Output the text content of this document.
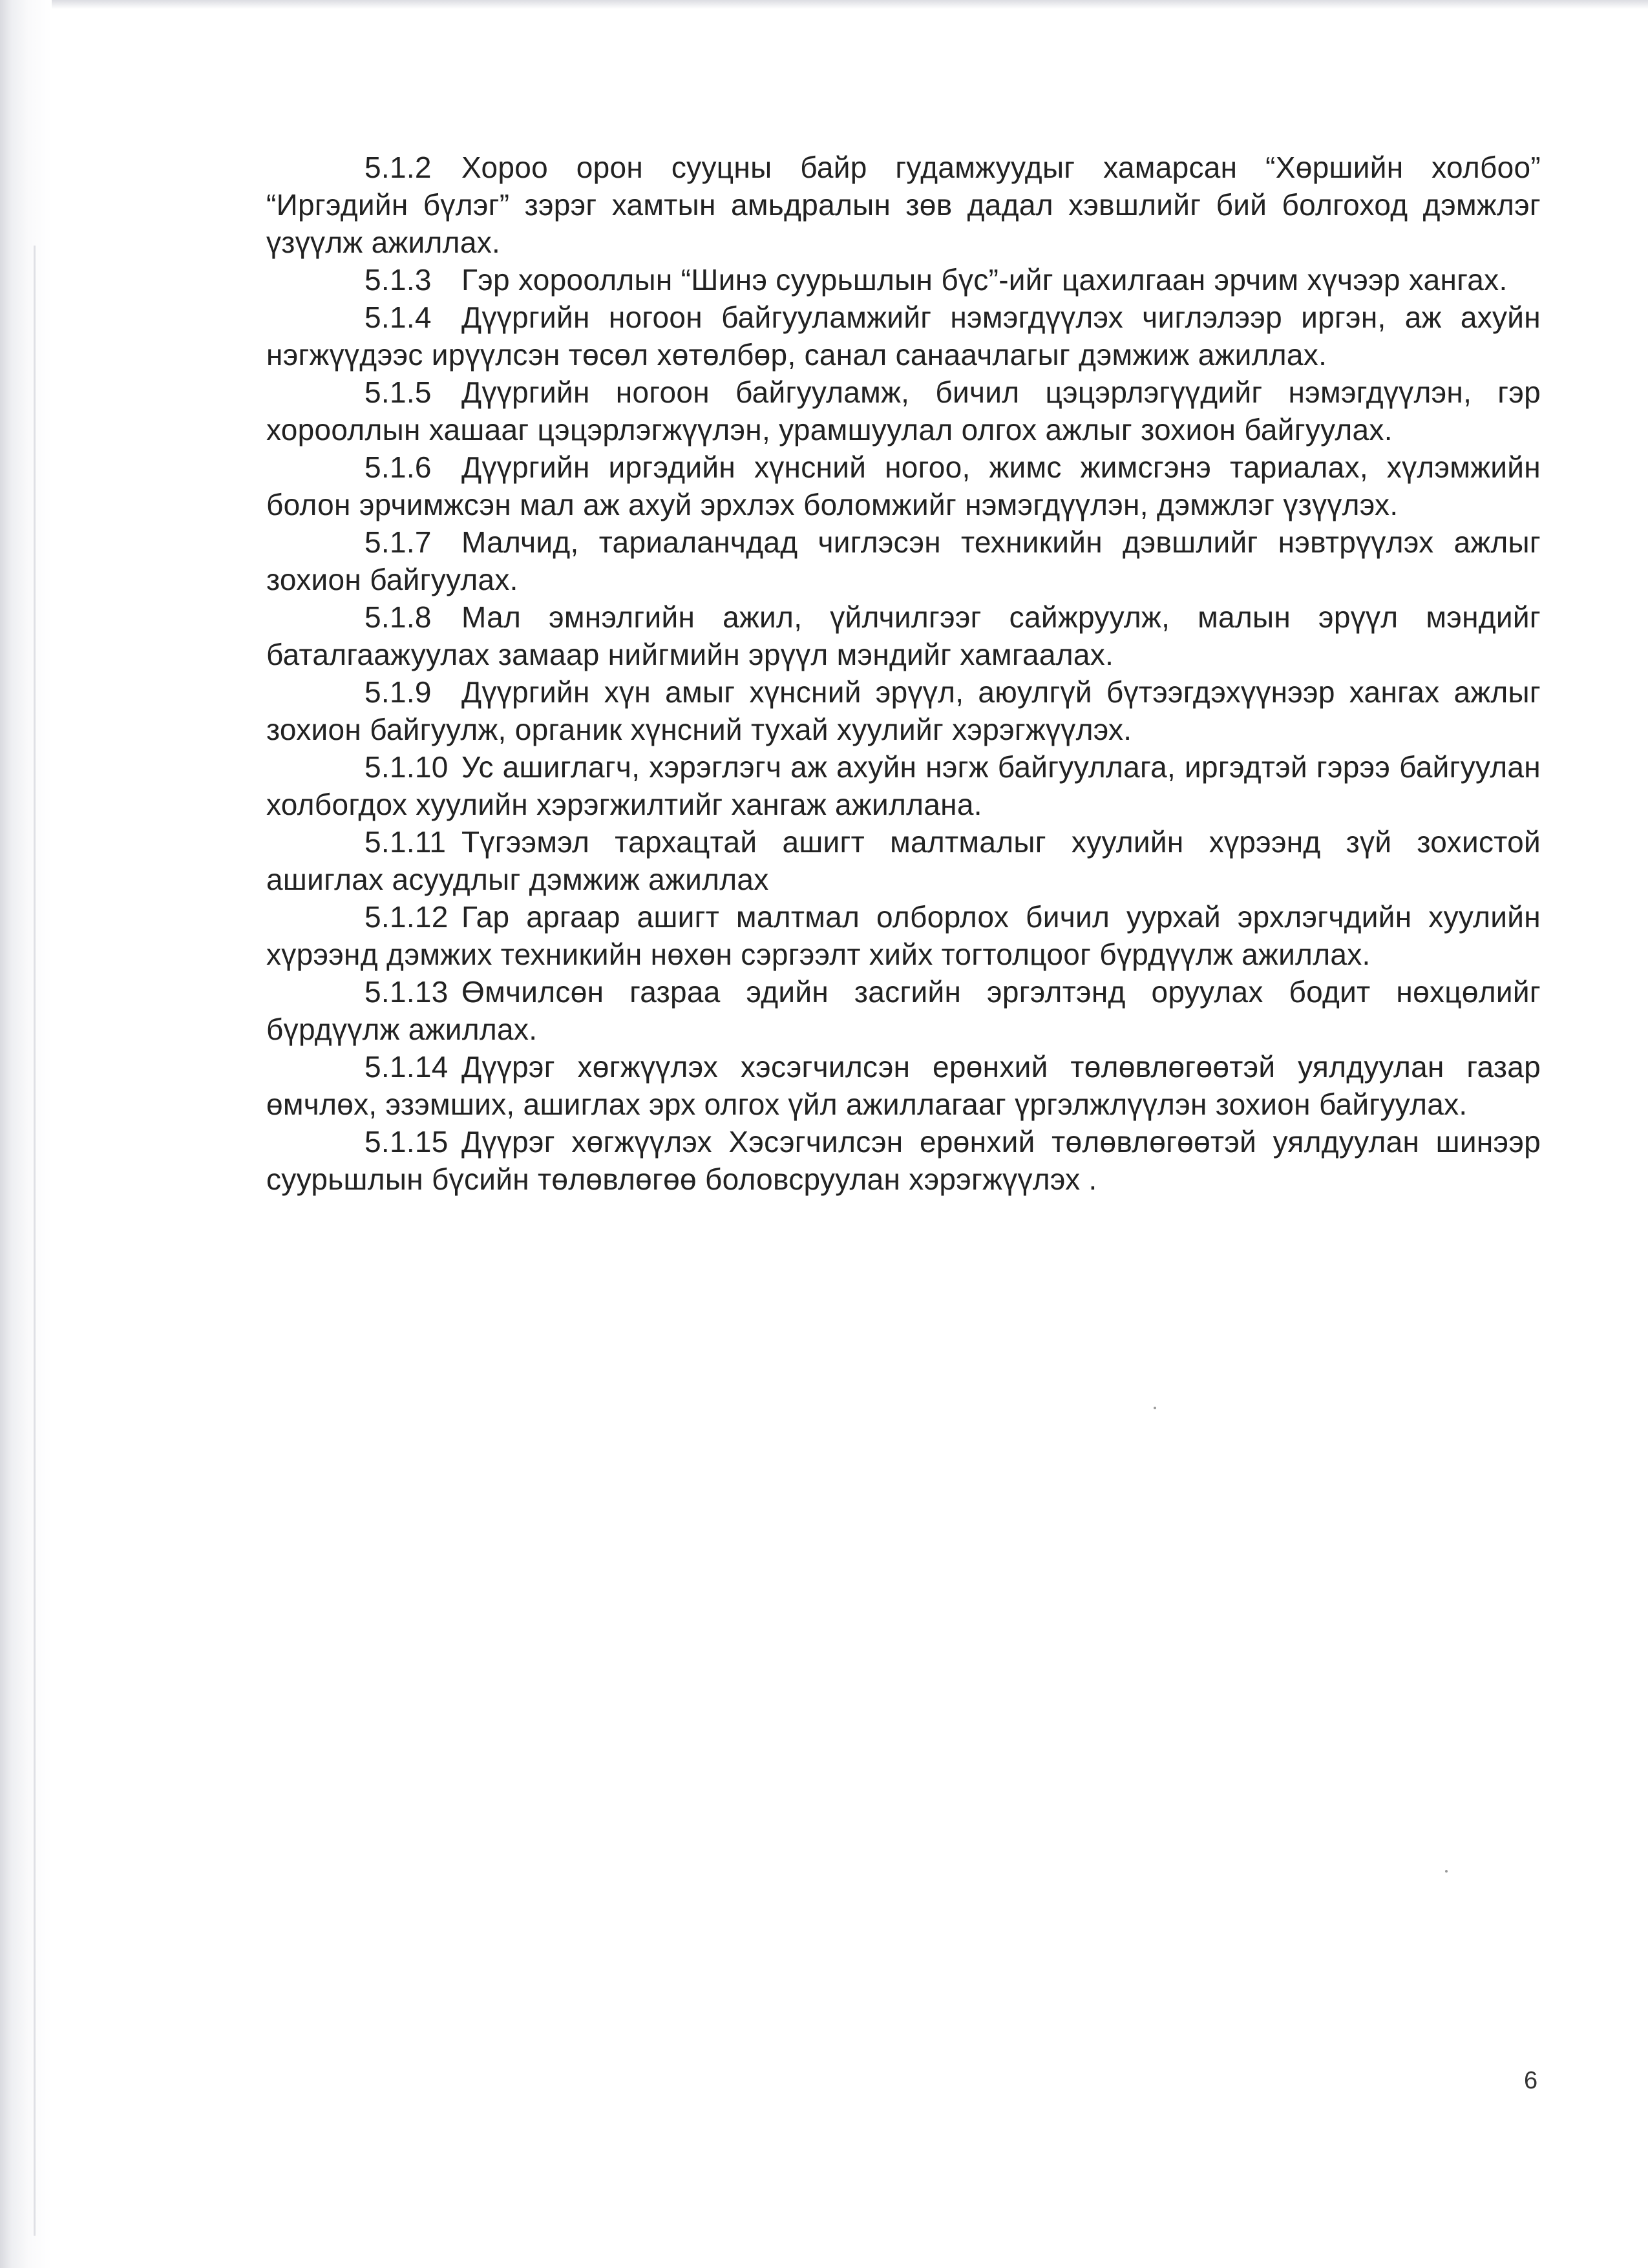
5.1.2 Хороо орон сууцны байр гудамжуудыг хамарсан “Хөршийн холбоо” “Иргэдийн бүлэг” зэрэг хамтын амьдралын зөв дадал хэвшлийг бий болгоход дэмжлэг үзүүлж ажиллах.

5.1.3 Гэр хорооллын “Шинэ суурьшлын бүс”-ийг цахилгаан эрчим хүчээр хангах.

5.1.4 Дүүргийн ногоон байгууламжийг нэмэгдүүлэх чиглэлээр иргэн, аж ахуйн нэгжүүдээс ирүүлсэн төсөл хөтөлбөр, санал санаачлагыг дэмжиж ажиллах.

5.1.5 Дүүргийн ногоон байгууламж, бичил цэцэрлэгүүдийг нэмэгдүүлэн, гэр хорооллын хашааг цэцэрлэгжүүлэн, урамшуулал олгох ажлыг зохион байгуулах.

5.1.6 Дүүргийн иргэдийн хүнсний ногоо, жимс жимсгэнэ тариалах, хүлэмжийн болон эрчимжсэн мал аж ахуй эрхлэх боломжийг нэмэгдүүлэн, дэмжлэг үзүүлэх.

5.1.7 Малчид, тариаланчдад чиглэсэн техникийн дэвшлийг нэвтрүүлэх ажлыг зохион байгуулах.

5.1.8 Мал эмнэлгийн ажил, үйлчилгээг сайжруулж, малын эрүүл мэндийг баталгаажуулах замаар нийгмийн эрүүл мэндийг хамгаалах.

5.1.9 Дүүргийн хүн амыг хүнсний эрүүл, аюулгүй бүтээгдэхүүнээр хангах ажлыг зохион байгуулж, органик хүнсний тухай хуулийг хэрэгжүүлэх.

5.1.10 Ус ашиглагч, хэрэглэгч аж ахуйн нэгж байгууллага, иргэдтэй гэрээ байгуулан холбогдох хуулийн хэрэгжилтийг хангаж ажиллана.

5.1.11 Түгээмэл тархацтай ашигт малтмалыг хуулийн хүрээнд зүй зохистой ашиглах асуудлыг дэмжиж ажиллах

5.1.12 Гар аргаар ашигт малтмал олборлох бичил уурхай эрхлэгчдийн хуулийн хүрээнд дэмжих техникийн нөхөн сэргээлт хийх тогтолцоог бүрдүүлж ажиллах.

5.1.13 Өмчилсөн газраа эдийн засгийн эргэлтэнд оруулах бодит нөхцөлийг бүрдүүлж ажиллах.

5.1.14 Дүүрэг хөгжүүлэх хэсэгчилсэн ерөнхий төлөвлөгөөтэй уялдуулан газар өмчлөх, эзэмших, ашиглах эрх олгох үйл ажиллагааг үргэлжлүүлэн зохион байгуулах.

5.1.15 Дүүрэг хөгжүүлэх Хэсэгчилсэн ерөнхий төлөвлөгөөтэй уялдуулан шинээр суурьшлын бүсийн төлөвлөгөө боловсруулан хэрэгжүүлэх .

6
